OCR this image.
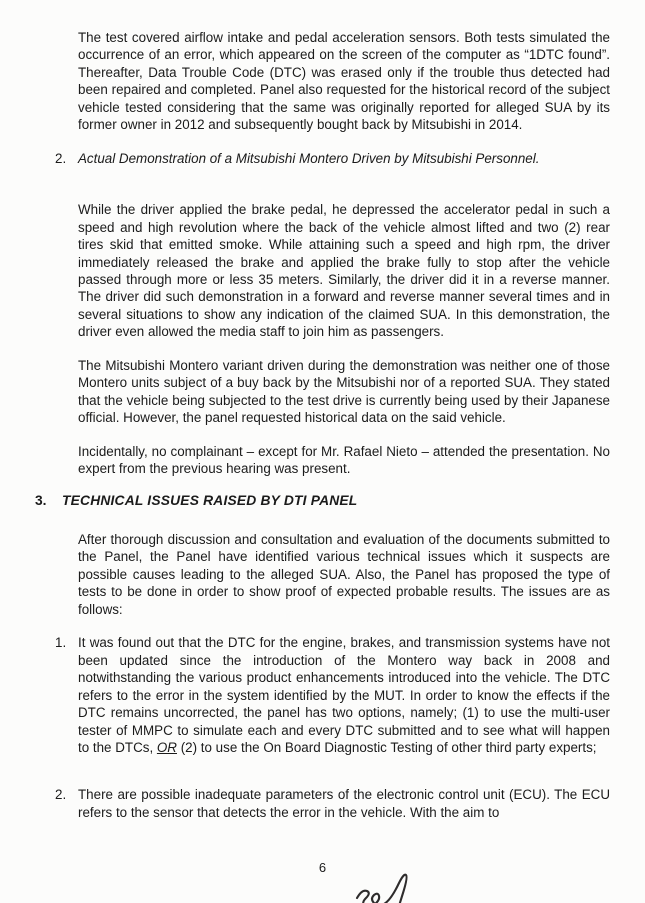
The test covered airflow intake and pedal acceleration sensors. Both tests simulated the occurrence of an error, which appeared on the screen of the computer as “1DTC found”. Thereafter, Data Trouble Code (DTC) was erased only if the trouble thus detected had been repaired and completed. Panel also requested for the historical record of the subject vehicle tested considering that the same was originally reported for alleged SUA by its former owner in 2012 and subsequently bought back by Mitsubishi in 2014.

2. Actual Demonstration of a Mitsubishi Montero Driven by Mitsubishi Personnel.

While the driver applied the brake pedal, he depressed the accelerator pedal in such a speed and high revolution where the back of the vehicle almost lifted and two (2) rear tires skid that emitted smoke. While attaining such a speed and high rpm, the driver immediately released the brake and applied the brake fully to stop after the vehicle passed through more or less 35 meters. Similarly, the driver did it in a reverse manner. The driver did such demonstration in a forward and reverse manner several times and in several situations to show any indication of the claimed SUA. In this demonstration, the driver even allowed the media staff to join him as passengers.

The Mitsubishi Montero variant driven during the demonstration was neither one of those Montero units subject of a buy back by the Mitsubishi nor of a reported SUA. They stated that the vehicle being subjected to the test drive is currently being used by their Japanese official. However, the panel requested historical data on the said vehicle.

Incidentally, no complainant – except for Mr. Rafael Nieto – attended the presentation. No expert from the previous hearing was present.

3.	TECHNICAL ISSUES RAISED BY DTI PANEL

After thorough discussion and consultation and evaluation of the documents submitted to the Panel, the Panel have identified various technical issues which it suspects are possible causes leading to the alleged SUA. Also, the Panel has proposed the type of tests to be done in order to show proof of expected probable results. The issues are as follows:

1. It was found out that the DTC for the engine, brakes, and transmission systems have not been updated since the introduction of the Montero way back in 2008 and notwithstanding the various product enhancements introduced into the vehicle. The DTC refers to the error in the system identified by the MUT. In order to know the effects if the DTC remains uncorrected, the panel has two options, namely; (1) to use the multi-user tester of MMPC to simulate each and every DTC submitted and to see what will happen to the DTCs, OR (2) to use the On Board Diagnostic Testing of other third party experts;
2. There are possible inadequate parameters of the electronic control unit (ECU). The ECU refers to the sensor that detects the error in the vehicle. With the aim to
6
